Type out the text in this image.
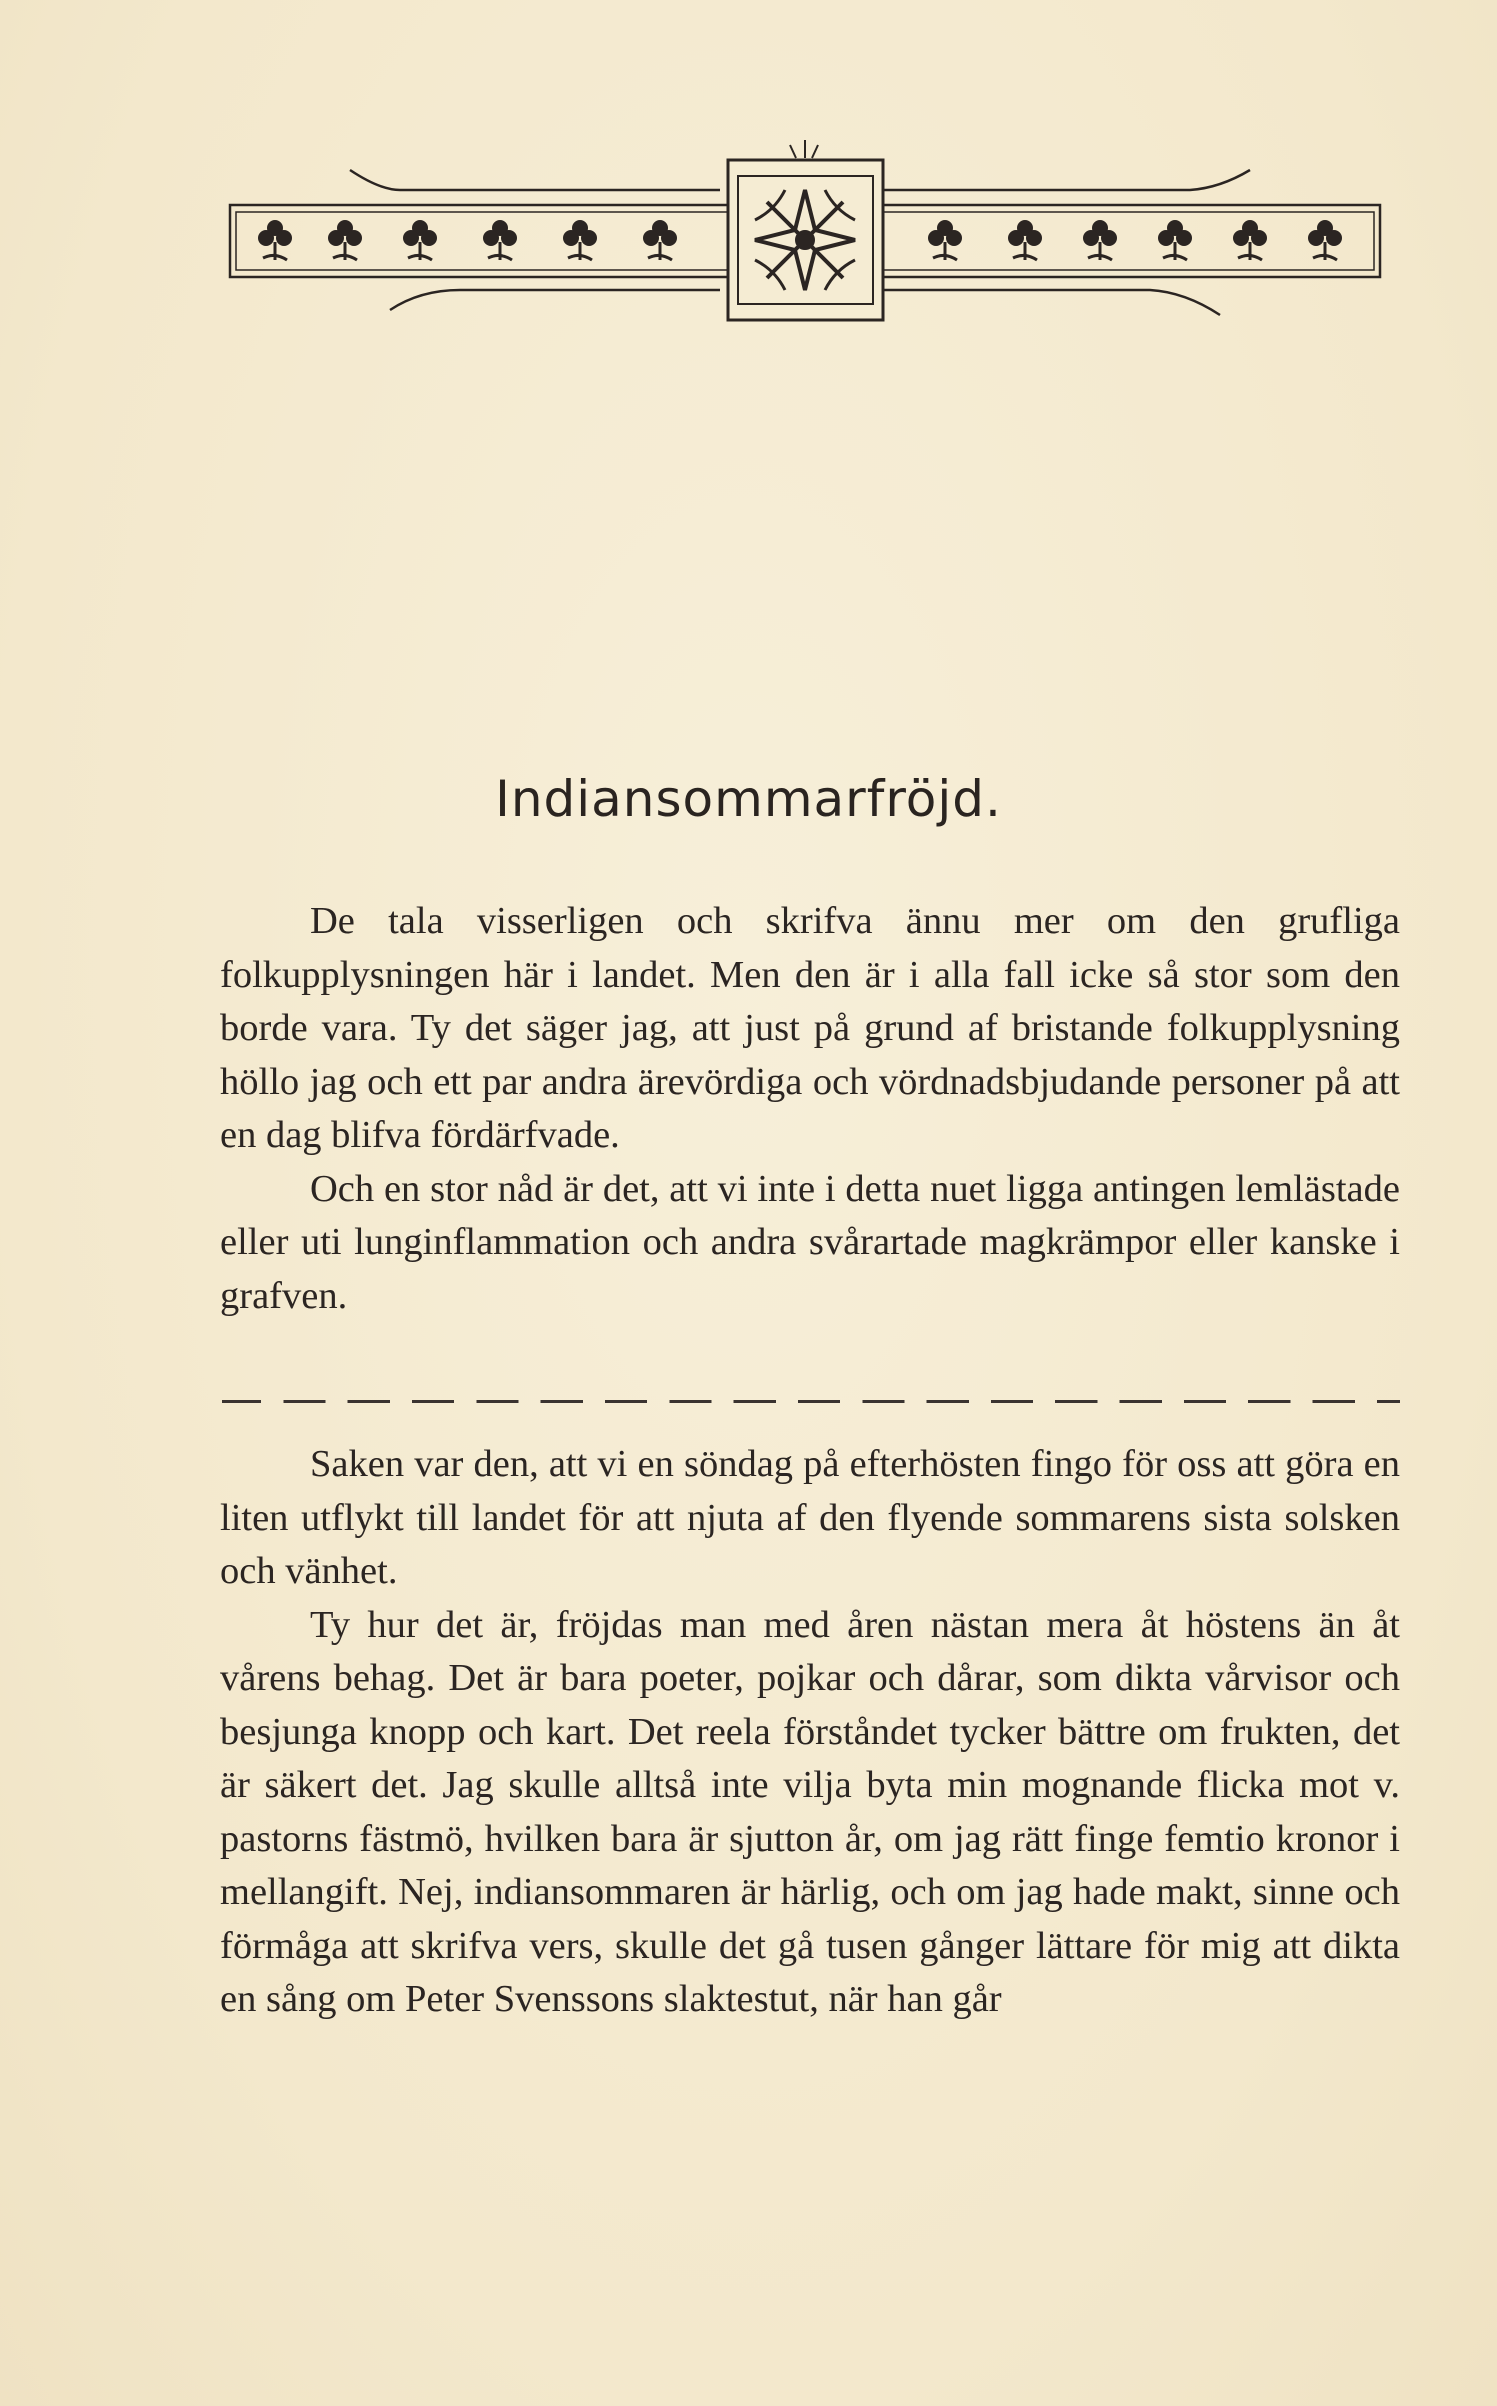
Indiansommarfröjd.

De tala visserligen och skrifva ännu mer om den grufliga folkupplysningen här i landet. Men den är i alla fall icke så stor som den borde vara. Ty det säger jag, att just på grund af bristande folkupplysning höllo jag och ett par andra ärevördiga och vördnadsbjudande personer på att en dag blifva fördärfvade.

Och en stor nåd är det, att vi inte i detta nuet ligga antingen lemlästade eller uti lunginflammation och andra svårartade magkrämpor eller kanske i grafven.

Saken var den, att vi en söndag på efterhösten fingo för oss att göra en liten utflykt till landet för att njuta af den flyende sommarens sista solsken och vänhet.

Ty hur det är, fröjdas man med åren nästan mera åt höstens än åt vårens behag. Det är bara poeter, pojkar och dårar, som dikta vårvisor och besjunga knopp och kart. Det reela förståndet tycker bättre om frukten, det är säkert det. Jag skulle alltså inte vilja byta min mognande flicka mot v. pastorns fästmö, hvilken bara är sjutton år, om jag rätt finge femtio kronor i mellangift. Nej, indiansommaren är härlig, och om jag hade makt, sinne och förmåga att skrifva vers, skulle det gå tusen gånger lättare för mig att dikta en sång om Peter Svenssons slaktestut, när han går
